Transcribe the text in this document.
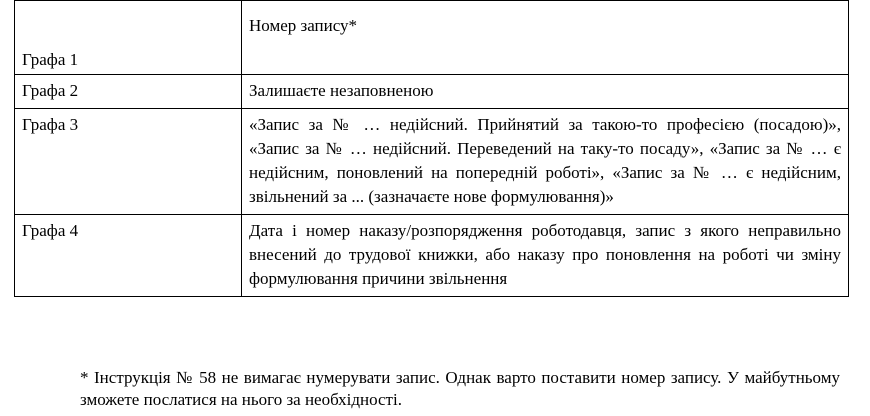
Графа 1	Номер запису*
Графа 2	Залишаєте незаповненою
Графа 3	«Запис за № … недійсний. Прийнятий за такою-то професією (посадою)», «Запис за № … недійсний. Переведений на таку-то посаду», «Запис за № … є недійсним, поновлений на попередній роботі», «Запис за № … є недійсним, звільнений за ... (зазначаєте нове формулювання)»
Графа 4	Дата і номер наказу/розпорядження роботодавця, запис з якого неправильно внесений до трудової книжки, або наказу про поновлення на роботі чи зміну формулювання причини звільнення
* Інструкція № 58 не вимагає нумерувати запис. Однак варто поставити номер запису. У майбутньому зможете послатися на нього за необхідності.
